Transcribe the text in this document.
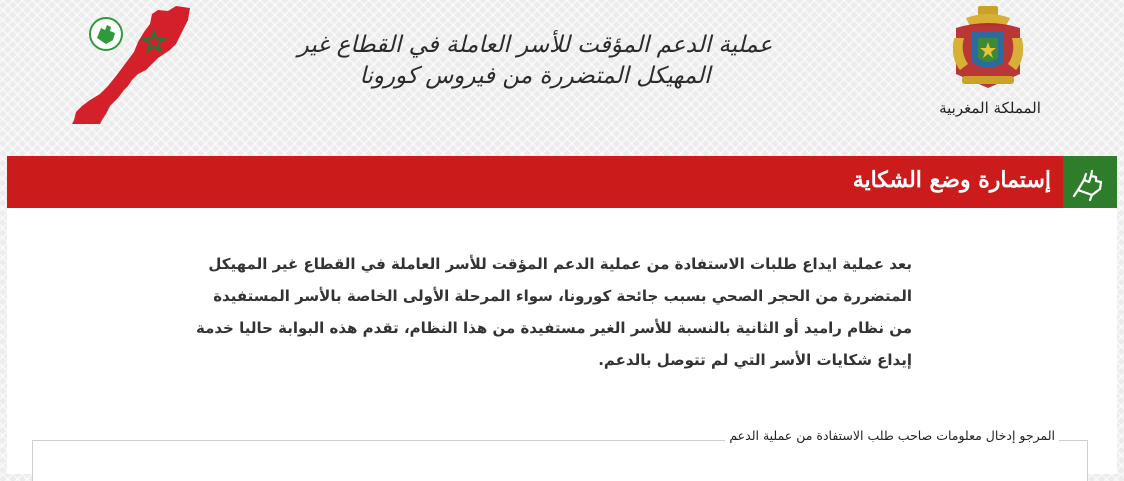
عملية الدعم المؤقت للأسر العاملة في القطاع غير
المهيكل المتضررة من فيروس كورونا
المملكة المغربية
إستمارة وضع الشكاية

بعد عملية ايداع طلبات الاستفادة من عملية الدعم المؤقت للأسر العاملة في القطاع غير المهيكل

المتضررة من الحجر الصحي بسبب جائحة كورونا، سواء المرحلة الأولى الخاصة بالأسر المستفيدة

من نظام راميد أو الثانية بالنسبة للأسر الغير مستفيدة من هذا النظام، تقدم هذه البوابة حاليا خدمة

إيداع شكايات الأسر التي لم تتوصل بالدعم.

المرجو إدخال معلومات صاحب طلب الاستفادة من عملية الدعم
